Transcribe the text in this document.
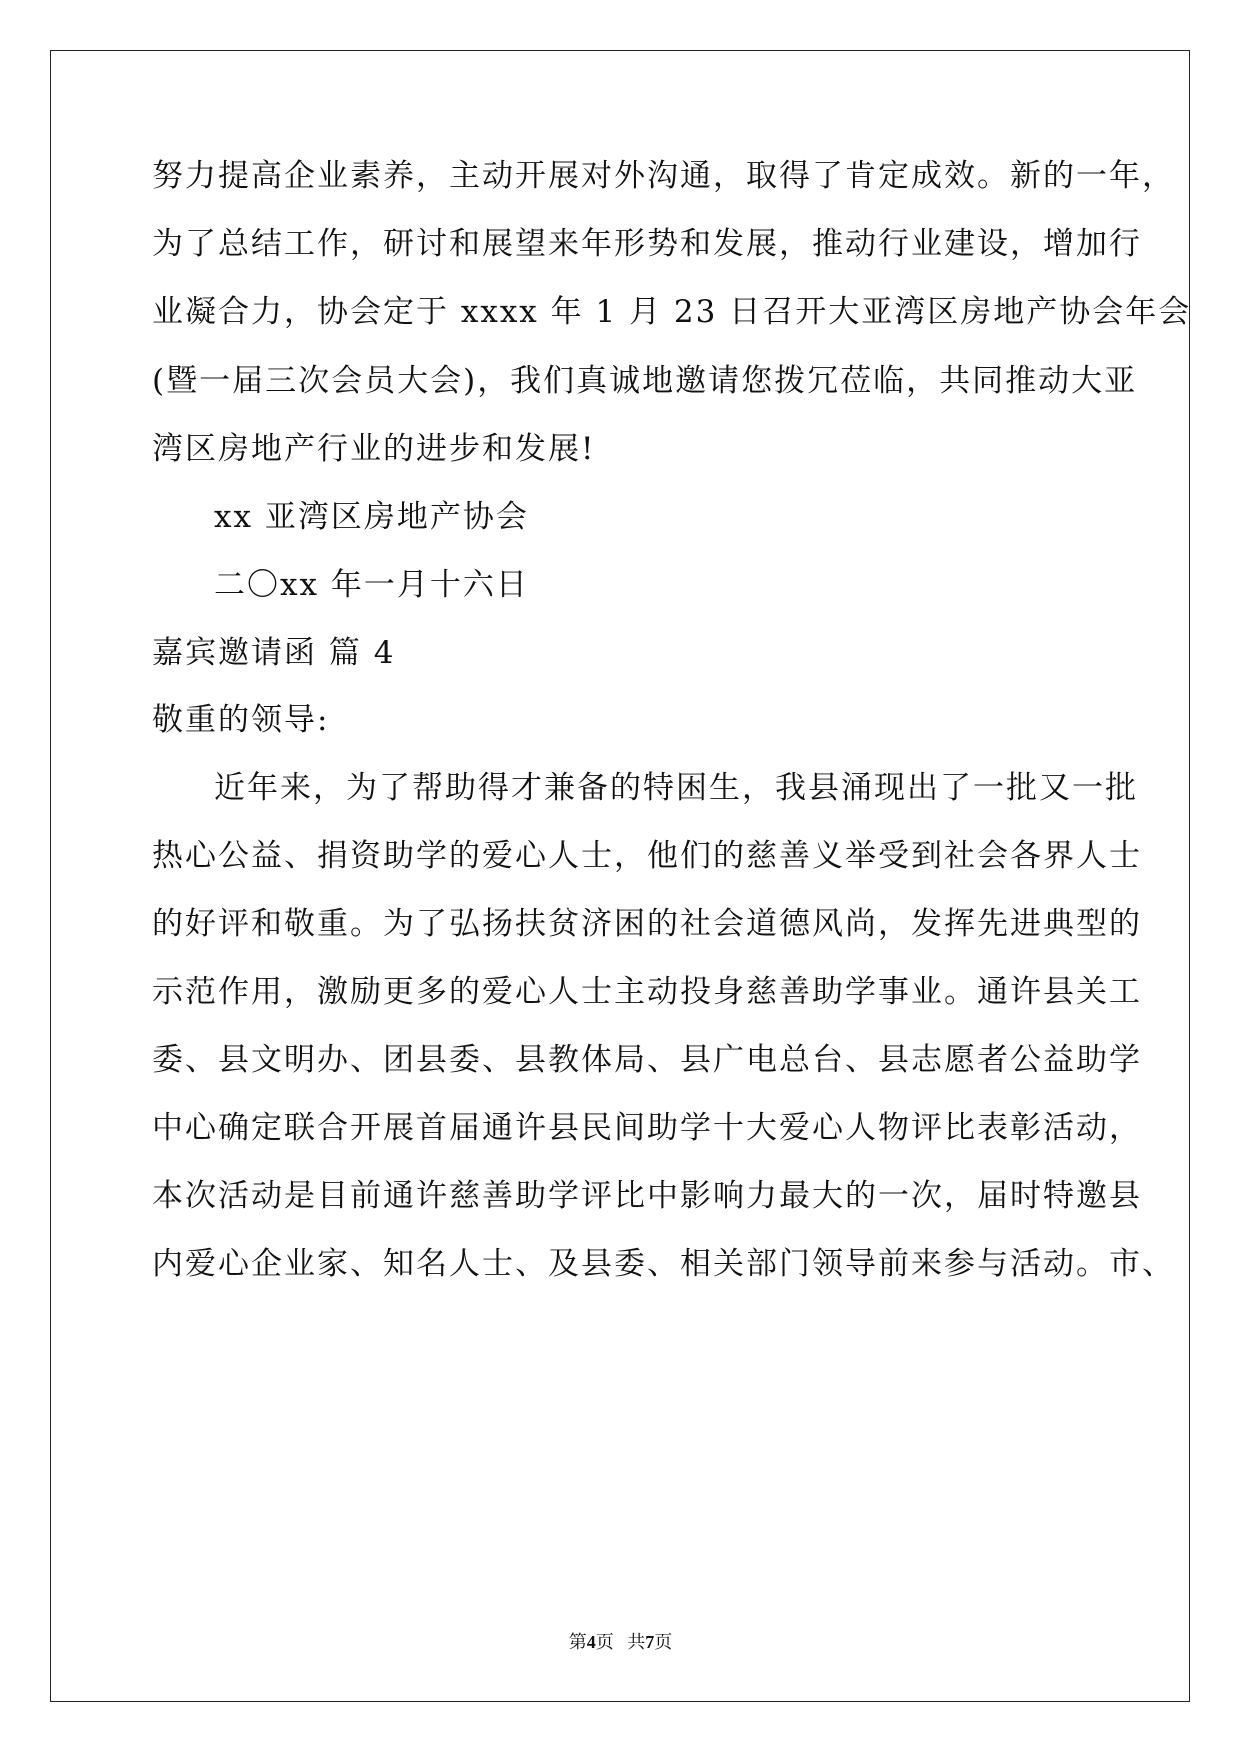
努力提高企业素养，主动开展对外沟通，取得了肯定成效。新的一年，
为了总结工作，研讨和展望来年形势和发展，推动行业建设，增加行
业凝合力，协会定于 xxxx 年 1 月 23 日召开大亚湾区房地产协会年会
(暨一届三次会员大会)，我们真诚地邀请您拨冗莅临，共同推动大亚
湾区房地产行业的进步和发展!
xx 亚湾区房地产协会
二〇xx 年一月十六日
嘉宾邀请函 篇 4
敬重的领导:
近年来，为了帮助得才兼备的特困生，我县涌现出了一批又一批
热心公益、捐资助学的爱心人士，他们的慈善义举受到社会各界人士
的好评和敬重。为了弘扬扶贫济困的社会道德风尚，发挥先进典型的
示范作用，激励更多的爱心人士主动投身慈善助学事业。通许县关工
委、县文明办、团县委、县教体局、县广电总台、县志愿者公益助学
中心确定联合开展首届通许县民间助学十大爱心人物评比表彰活动，
本次活动是目前通许慈善助学评比中影响力最大的一次，届时特邀县
内爱心企业家、知名人士、及县委、相关部门领导前来参与活动。市、
第4页 共7页
